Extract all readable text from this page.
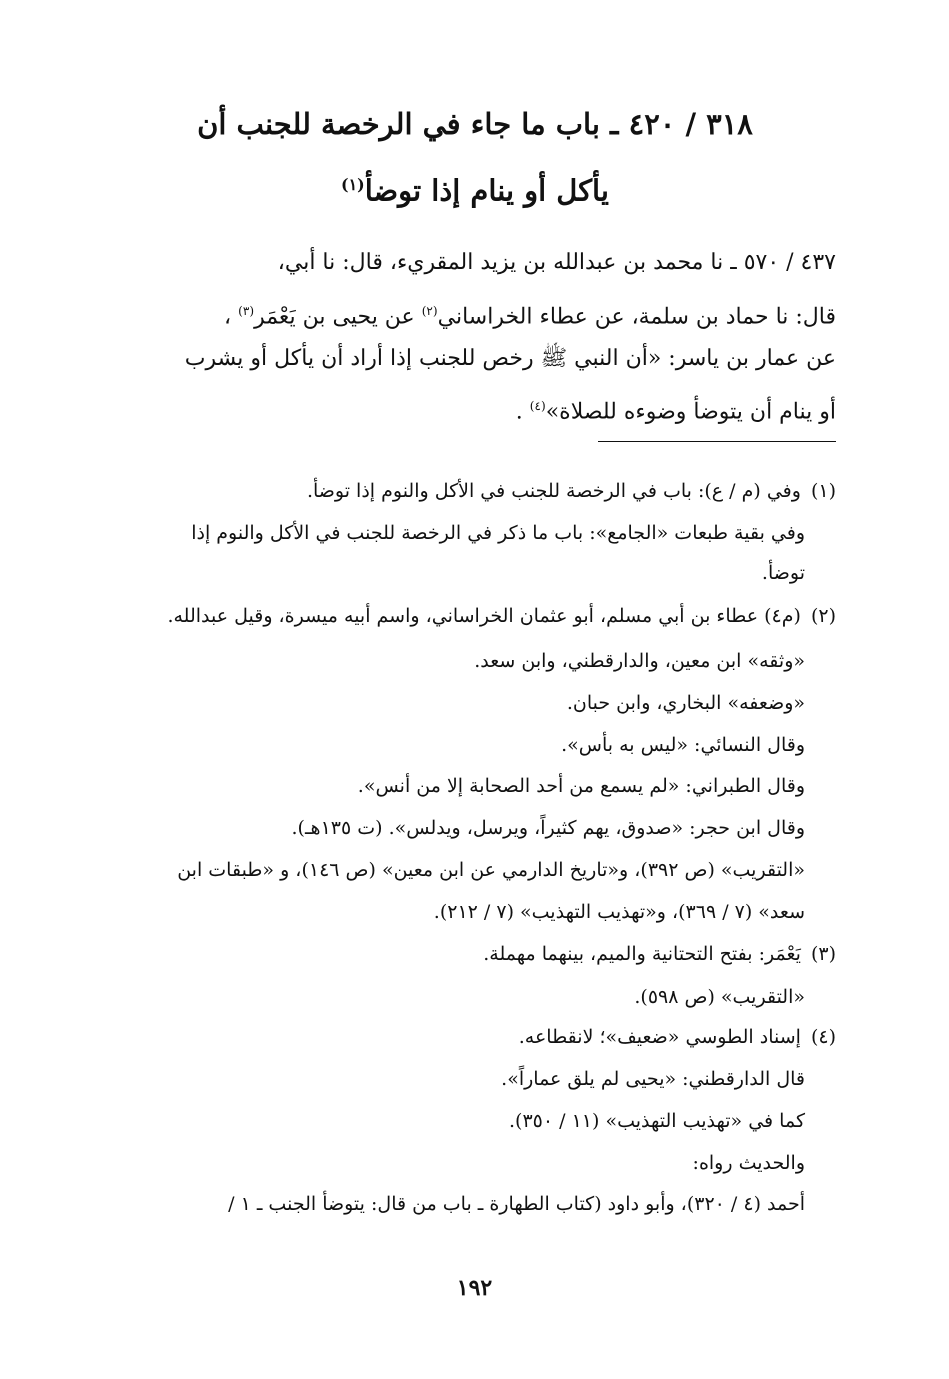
٣١٨ / ٤٢٠ ـ باب ما جاء في الرخصة للجنب أن
يأكل أو ينام إذا توضأ$^{(١)}$
٤٣٧ / ٥٧٠ ـ نا محمد بن عبدالله بن يزيد المقريء، قال: نا أبي،
قال: نا حماد بن سلمة، عن عطاء الخراساني$^{(٢)}$ عن يحيى بن يَعْمَر$^{(٣)}$ ،
عن عمار بن ياسر: «أن النبي ﷺ رخص للجنب إذا أراد أن يأكل أو يشرب
أو ينام أن يتوضأ وضوءه للصلاة»$^{(٤)}$ .
(١)وفي (م / ع): باب في الرخصة للجنب في الأكل والنوم إذا توضأ.
وفي بقية طبعات «الجامع»: باب ما ذكر في الرخصة للجنب في الأكل والنوم إذا
توضأ.
(٢)(م٤) عطاء بن أبي مسلم، أبو عثمان الخراساني، واسم أبيه ميسرة، وقيل عبدالله.
«وثقه» ابن معين، والدارقطني، وابن سعد.
«وضعفه» البخاري، وابن حبان.
وقال النسائي: «ليس به بأس».
وقال الطبراني: «لم يسمع من أحد الصحابة إلا من أنس».
وقال ابن حجر: «صدوق، يهم كثيراً، ويرسل، ويدلس». (ت ١٣٥هـ).
«التقريب» (ص ٣٩٢)، و«تاريخ الدارمي عن ابن معين» (ص ١٤٦)، و «طبقات ابن
سعد» (٧ / ٣٦٩)، و«تهذيب التهذيب» (٧ / ٢١٢).
(٣)يَعْمَر: بفتح التحتانية والميم، بينهما مهملة.
«التقريب» (ص ٥٩٨).
(٤)إسناد الطوسي «ضعيف»؛ لانقطاعه.
قال الدارقطني: «يحيى لم يلق عماراً».
كما في «تهذيب التهذيب» (١١ / ٣٥٠).
والحديث رواه:
أحمد (٤ / ٣٢٠)، وأبو داود (كتاب الطهارة ـ باب من قال: يتوضأ الجنب ـ ١ /
١٩٢
